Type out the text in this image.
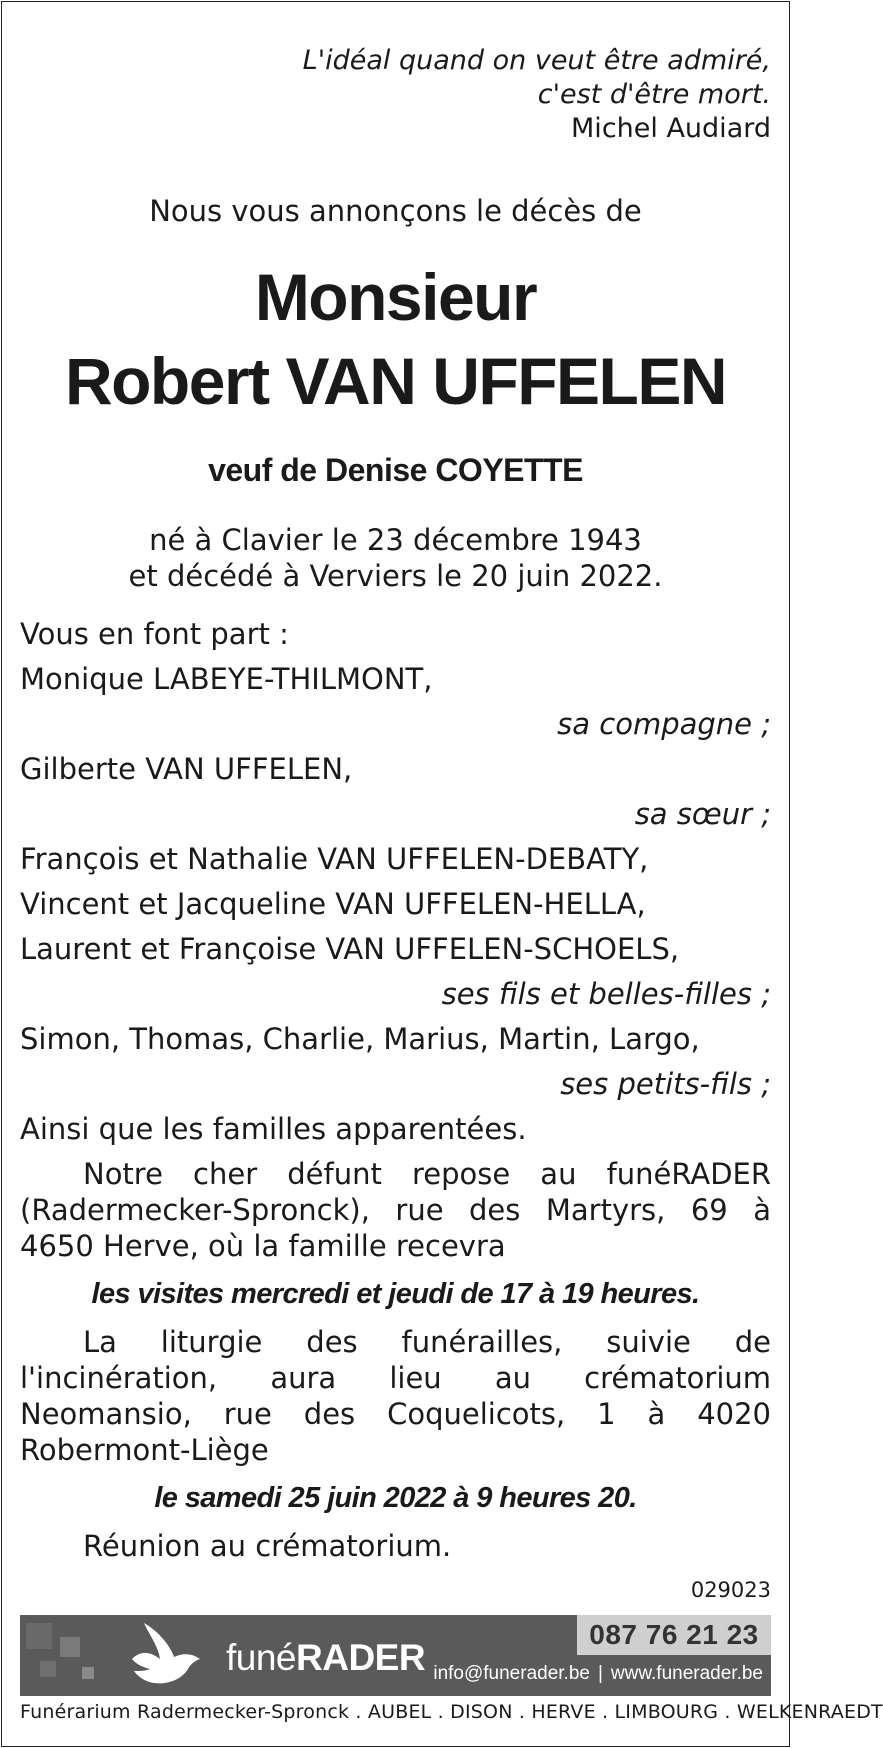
L'idéal quand on veut être admiré,
c'est d'être mort.
Michel Audiard
Nous vous annonçons le décès de
Monsieur
Robert VAN UFFELEN
veuf de Denise COYETTE
né à Clavier le 23 décembre 1943
et décédé à Verviers le 20 juin 2022.
Vous en font part :
Monique LABEYE-THILMONT,
sa compagne ;
Gilberte VAN UFFELEN,
sa sœur ;
François et Nathalie VAN UFFELEN-DEBATY,
Vincent et Jacqueline VAN UFFELEN-HELLA,
Laurent et Françoise VAN UFFELEN-SCHOELS,
ses fils et belles-filles ;
Simon, Thomas, Charlie, Marius, Martin, Largo,
ses petits-fils ;
Ainsi que les familles apparentées.
Notre cher défunt repose au funéRADER (Radermecker-Spronck), rue des Martyrs, 69 à 4650 Herve, où la famille recevra
les visites mercredi et jeudi de 17 à 19 heures.
La liturgie des funérailles, suivie de l'incinération, aura lieu au crématorium Neomansio, rue des Coquelicots, 1 à 4020 Robermont-Liège
le samedi 25 juin 2022 à 9 heures 20.
Réunion au crématorium.
029023
funéRADER
087 76 21 23
info@funerader.be | www.funerader.be
Funérarium Radermecker-Spronck . AUBEL . DISON . HERVE . LIMBOURG . WELKENRAEDT
